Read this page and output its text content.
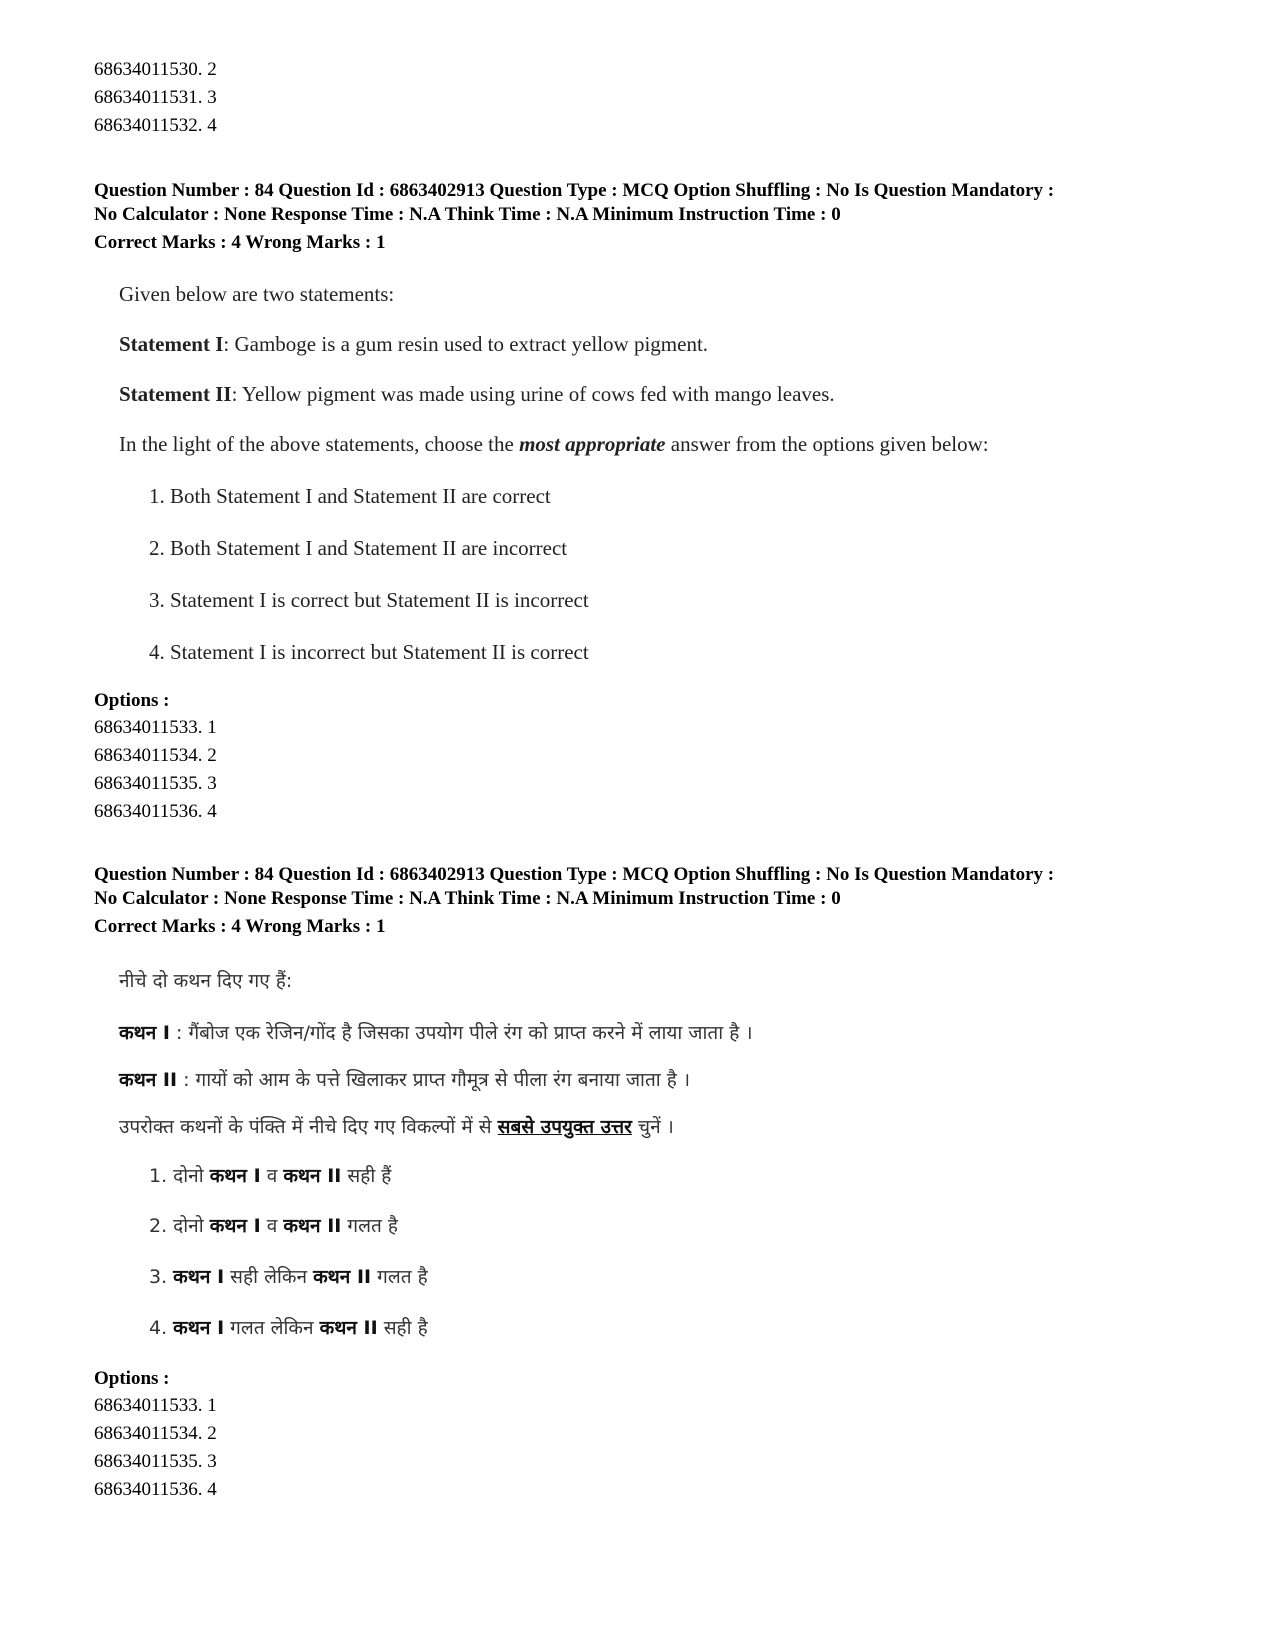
68634011530. 2
68634011531. 3
68634011532. 4
Question Number : 84 Question Id : 6863402913 Question Type : MCQ Option Shuffling : No Is Question Mandatory :
No Calculator : None Response Time : N.A Think Time : N.A Minimum Instruction Time : 0
Correct Marks : 4 Wrong Marks : 1
Given below are two statements:
Statement I: Gamboge is a gum resin used to extract yellow pigment.
Statement II: Yellow pigment was made using urine of cows fed with mango leaves.
In the light of the above statements, choose the most appropriate answer from the options given below:
1. Both Statement I and Statement II are correct
2. Both Statement I and Statement II are incorrect
3. Statement I is correct but Statement II is incorrect
4. Statement I is incorrect but Statement II is correct
Options :
68634011533. 1
68634011534. 2
68634011535. 3
68634011536. 4
Question Number : 84 Question Id : 6863402913 Question Type : MCQ Option Shuffling : No Is Question Mandatory :
No Calculator : None Response Time : N.A Think Time : N.A Minimum Instruction Time : 0
Correct Marks : 4 Wrong Marks : 1
नीचे दो कथन दिए गए हैं:
कथन I : गैंबोज एक रेजिन/गोंद है जिसका उपयोग पीले रंग को प्राप्त करने में लाया जाता है ।
कथन II : गायों को आम के पत्ते खिलाकर प्राप्त गौमूत्र से पीला रंग बनाया जाता है ।
उपरोक्त कथनों के पंक्ति में नीचे दिए गए विकल्पों में से सबसे उपयुक्त उत्तर चुनें ।
1. दोनो कथन I व कथन II सही हैं
2. दोनो कथन I व कथन II गलत है
3. कथन I सही लेकिन कथन II गलत है
4. कथन I गलत लेकिन कथन II सही है
Options :
68634011533. 1
68634011534. 2
68634011535. 3
68634011536. 4
